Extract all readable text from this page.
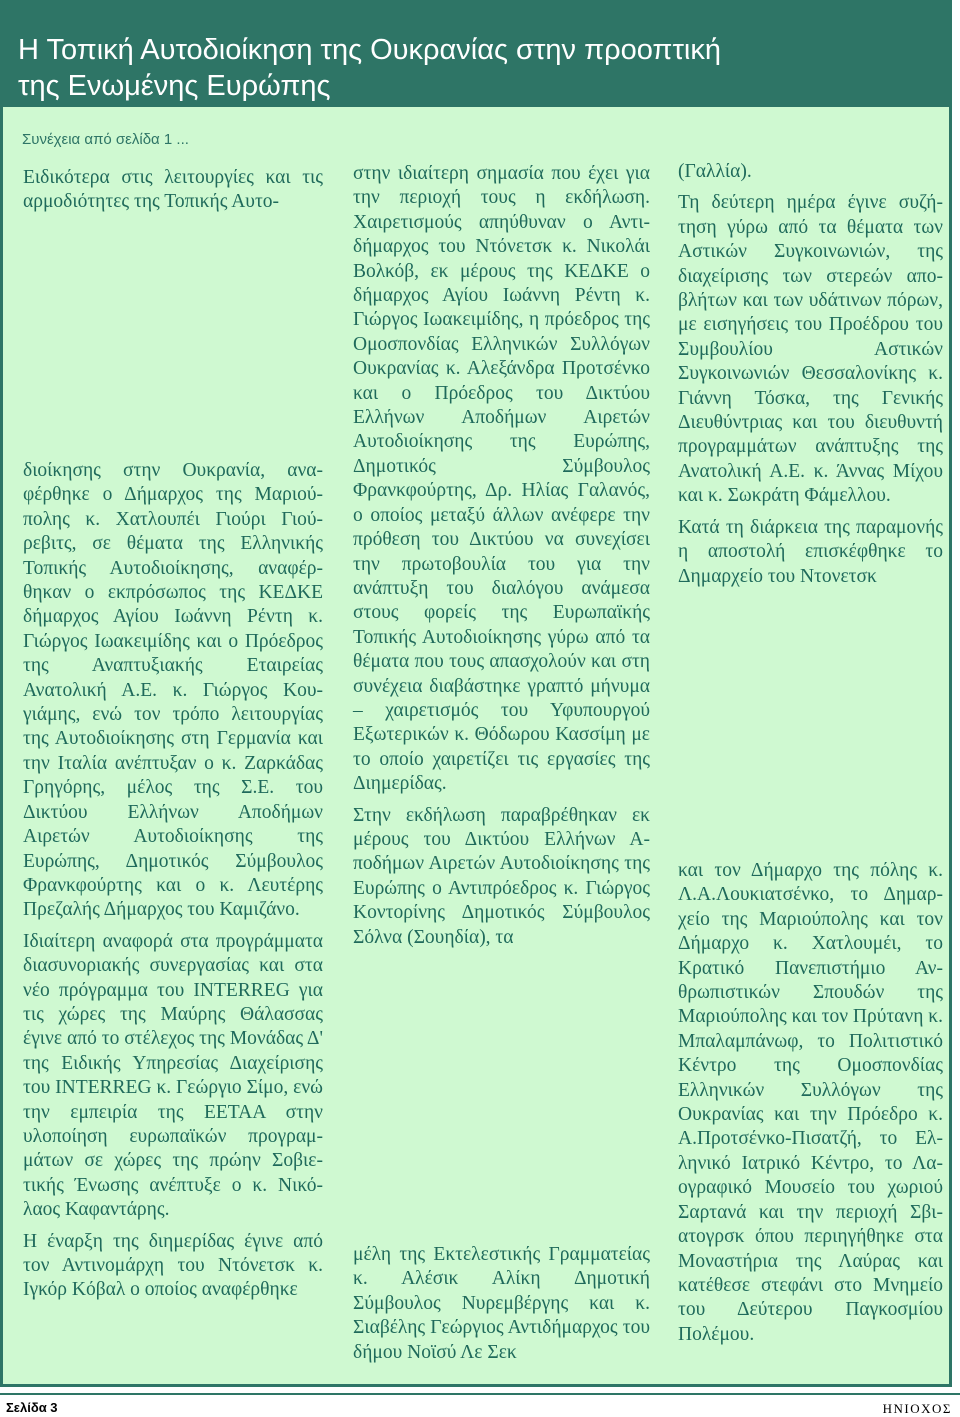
Η Τοπική Αυτοδιοίκηση της Ουκρανίας στην προοπτική
της Ενωμένης Ευρώπης
Συνέχεια από σελίδα 1 ...

Ειδικότερα στις λειτουργίες και τις αρμοδιότητες της Τοπικής Αυτο-

διοίκησης στην Ουκρανία, αναφέρθηκε ο Δήμαρχος της Μαριούπολης κ. Χατλουπέι Γιούρι Γιούρεβιτς, σε θέματα της Ελληνικής Τοπικής Αυτοδιοίκησης, αναφέρθηκαν ο εκπρόσωπος της ΚΕΔΚΕ δήμαρχος Αγίου Ιωάννη Ρέντη κ. Γιώργος Ιωακειμίδης και ο Πρόεδρος της Αναπτυξιακής Εταιρείας Ανατολική Α.Ε. κ. Γιώργος Κουγιάμης, ενώ τον τρόπο λειτουργίας της Αυτοδιοίκησης στη Γερμανία και την Ιταλία ανέπτυξαν ο κ. Ζαρκάδας Γρηγόρης, μέλος της Σ.Ε. του Δικτύου Ελλήνων Αποδήμων Αιρετών Αυτοδιοίκησης της Ευρώπης, Δημοτικός Σύμβουλος Φρανκφούρτης και ο κ. Λευτέρης Πρεζαλής Δήμαρχος του Καμιζάνο.

Ιδιαίτερη αναφορά στα προγράμματα διασυνοριακής συνεργασίας και στα νέο πρόγραμμα του INTERREG για τις χώρες της Μαύρης Θάλασσας έγινε από το στέλεχος της Μονάδας Δ' της Ειδικής Υπηρεσίας Διαχείρισης του INTERREG κ. Γεώργιο Σίμο, ενώ την εμπειρία της ΕΕΤΑΑ στην υλοποίηση ευρωπαϊκών προγραμμάτων σε χώρες της πρώην Σοβιετικής Ένωσης ανέπτυξε ο κ. Νικόλαος Καφαντάρης.

Η έναρξη της διημερίδας έγινε από τον Αντινομάρχη του Ντόνετσκ κ. Ιγκόρ Κόβαλ ο οποίος αναφέρθηκε

στην ιδιαίτερη σημασία που έχει για την περιοχή τους η εκδήλωση. Χαιρετισμούς απηύθυναν ο Αντιδήμαρχος του Ντόνετσκ κ. Νικολάι Βολκόβ, εκ μέρους της ΚΕΔΚΕ ο δήμαρχος Αγίου Ιωάννη Ρέντη κ. Γιώργος Ιωακειμίδης, η πρόεδρος της Ομοσπονδίας Ελληνικών Συλλόγων Ουκρανίας κ. Αλεξάνδρα Προτσένκο και ο Πρόεδρος του Δικτύου Ελλήνων Αποδήμων Αιρετών Αυτοδιοίκησης της Ευρώπης, Δημοτικός Σύμβουλος Φρανκφούρτης, Δρ. Ηλίας Γαλανός, ο οποίος μεταξύ άλλων ανέφερε την πρόθεση του Δικτύου να συνεχίσει την πρωτοβουλία του για την ανάπτυξη του διαλόγου ανάμεσα στους φορείς της Ευρωπαϊκής Τοπικής Αυτοδιοίκησης γύρω από τα θέματα που τους απασχολούν και στη συνέχεια διαβάστηκε γραπτό μήνυμα – χαιρετισμός του Υφυπουργού Εξωτερικών κ. Θόδωρου Κασσίμη με το οποίο χαιρετίζει τις εργασίες της Διημερίδας.

Στην εκδήλωση παραβρέθηκαν εκ μέρους του Δικτύου Ελλήνων Αποδήμων Αιρετών Αυτοδιοίκησης της Ευρώπης ο Αντιπρόεδρος κ. Γιώργος Κοντορίνης Δημοτικός Σύμβουλος Σόλνα (Σουηδία), τα

μέλη της Εκτελεστικής Γραμματείας κ. Αλέσικ Αλίκη Δημοτική Σύμβουλος Νυρεμβέργης και κ. Σιαβέλης Γεώργιος Αντιδήμαρχος του δήμου Νοϊσύ Λε Σεκ

(Γαλλία).

Τη δεύτερη ημέρα έγινε συζήτηση γύρω από τα θέματα των Αστικών Συγκοινωνιών, της διαχείρισης των στερεών αποβλήτων και των υδάτινων πόρων, με εισηγήσεις του Προέδρου του Συμβουλίου Αστικών Συγκοινωνιών Θεσσαλονίκης κ. Γιάννη Τόσκα, της Γενικής Διευθύντριας και του διευθυντή προγραμμάτων ανάπτυξης της Ανατολική Α.Ε. κ. Άννας Μίχου και κ. Σωκράτη Φάμελλου.

Κατά τη διάρκεια της παραμονής η αποστολή επισκέφθηκε το Δημαρχείο του Ντονετσκ

και τον Δήμαρχο της πόλης κ. Λ.Α.Λουκιατσένκο, το Δημαρχείο της Μαριούπολης και τον Δήμαρχο κ. Χατλουμέι, το Κρατικό Πανεπιστήμιο Ανθρωπιστικών Σπουδών της Μαριούπολης και τον Πρύτανη κ. Μπαλαμπάνωφ, το Πολιτιστικό Κέντρο της Ομοσπονδίας Ελληνικών Συλλόγων της Ουκρανίας και την Πρόεδρο κ. Α.Προτσένκο-Πισατζή, το Ελληνικό Ιατρικό Κέντρο, το Λαογραφικό Μουσείο του χωριού Σαρτανά και την περιοχή Σβιατογρσκ όπου περιηγήθηκε στα Μοναστήρια της Λαύρας και κατέθεσε στεφάνι στο Μνημείο του Δεύτερου Παγκοσμίου Πολέμου.

Σελίδα 3	ΗΝΙΟΧΟΣ
